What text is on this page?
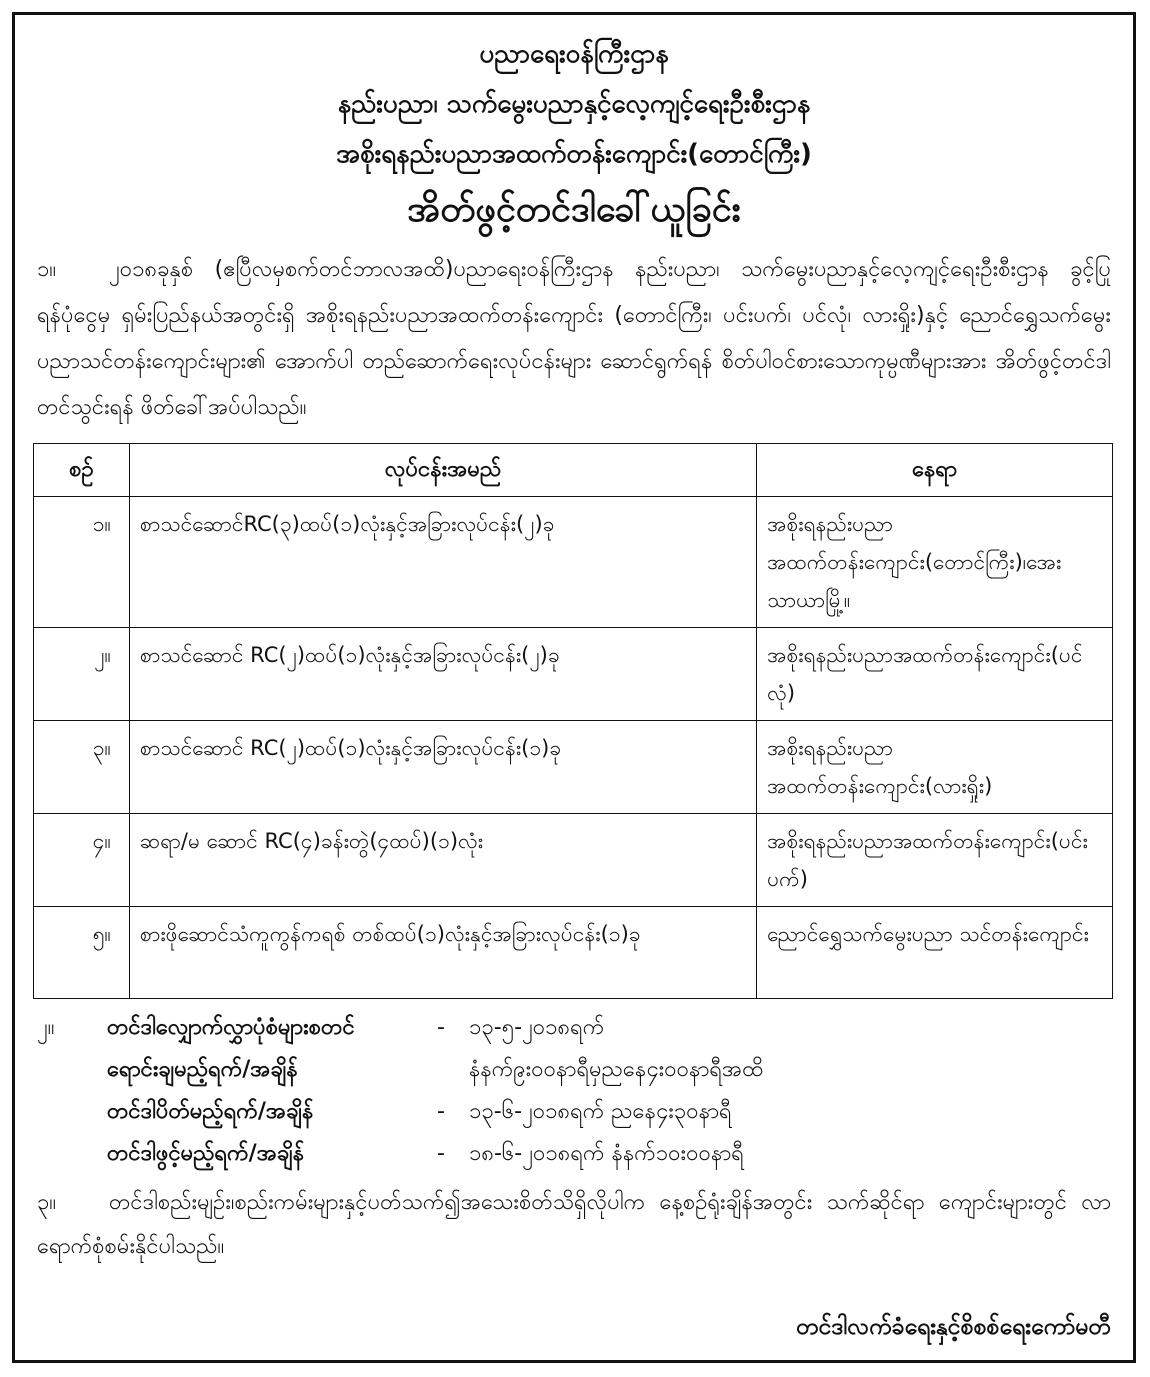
ပညာရေးဝန်ကြီးဌာန
နည်းပညာ၊ သက်မွေးပညာနှင့်လေ့ကျင့်ရေးဦးစီးဌာန
အစိုးရနည်းပညာအထက်တန်းကျောင်း(တောင်ကြီး)
အိတ်ဖွင့်တင်ဒါခေါ်ယူခြင်း
၁။ ၂၀၁၈ခုနှစ် (ဧပြီလမှစက်တင်ဘာလအထိ)ပညာရေးဝန်ကြီးဌာန နည်းပညာ၊ သက်မွေးပညာနှင့်လေ့ကျင့်ရေးဦးစီးဌာန ခွင့်ပြုရန်ပုံငွေမှ ရှမ်းပြည်နယ်အတွင်းရှိ အစိုးရနည်းပညာအထက်တန်းကျောင်း (တောင်ကြီး၊ ပင်းပက်၊ ပင်လုံ၊ လားရှိုး)နှင့် ညောင်ရွှေသက်မွေးပညာသင်တန်းကျောင်းများ၏ အောက်ပါ တည်ဆောက်ရေးလုပ်ငန်းများ ဆောင်ရွက်ရန် စိတ်ပါဝင်စားသောကုမ္ပဏီများအား အိတ်ဖွင့်တင်ဒါတင်သွင်းရန် ဖိတ်ခေါ်အပ်ပါသည်။
စဉ်	လုပ်ငန်းအမည်	နေရာ
၁။	စာသင်ဆောင်RC(၃)ထပ်(၁)လုံးနှင့်အခြားလုပ်ငန်း(၂)ခု	အစိုးရနည်းပညာအထက်တန်းကျောင်း(တောင်ကြီး)၊အေးသာယာမြို့။
၂။	စာသင်ဆောင် RC(၂)ထပ်(၁)လုံးနှင့်အခြားလုပ်ငန်း(၂)ခု	အစိုးရနည်းပညာအထက်တန်းကျောင်း(ပင်လုံ)
၃။	စာသင်ဆောင် RC(၂)ထပ်(၁)လုံးနှင့်အခြားလုပ်ငန်း(၁)ခု	အစိုးရနည်းပညာအထက်တန်းကျောင်း(လားရှိုး)
၄။	ဆရာ/မ ဆောင် RC(၄)ခန်းတွဲ(၄ထပ်)(၁)လုံး	အစိုးရနည်းပညာအထက်တန်းကျောင်း(ပင်းပက်)
၅။	စားဖိုဆောင်သံကူကွန်ကရစ် တစ်ထပ်(၁)လုံးနှင့်အခြားလုပ်ငန်း(၁)ခု	ညောင်ရွှေသက်မွေးပညာ သင်တန်းကျောင်း
၂။	တင်ဒါလျှောက်လွှာပုံစံများစတင်	-	၁၃-၅-၂၀၁၈ရက်
ရောင်းချမည့်ရက်/အချိန်	နံနက်၉း၀၀နာရီမှညနေ၄း၀၀နာရီအထိ
တင်ဒါပိတ်မည့်ရက်/အချိန်	-	၁၃-၆-၂၀၁၈ရက် ညနေ၄း၃၀နာရီ
တင်ဒါဖွင့်မည့်ရက်/အချိန်	-	၁၈-၆-၂၀၁၈ရက် နံနက်၁၀း၀၀နာရီ
၃။ တင်ဒါစည်းမျဉ်း၊စည်းကမ်းများနှင့်ပတ်သက်၍အသေးစိတ်သိရှိလိုပါက နေ့စဉ်ရုံးချိန်အတွင်း သက်ဆိုင်ရာ ကျောင်းများတွင် လာရောက်စုံစမ်းနိုင်ပါသည်။
တင်ဒါလက်ခံရေးနှင့်စိစစ်ရေးကော်မတီ
